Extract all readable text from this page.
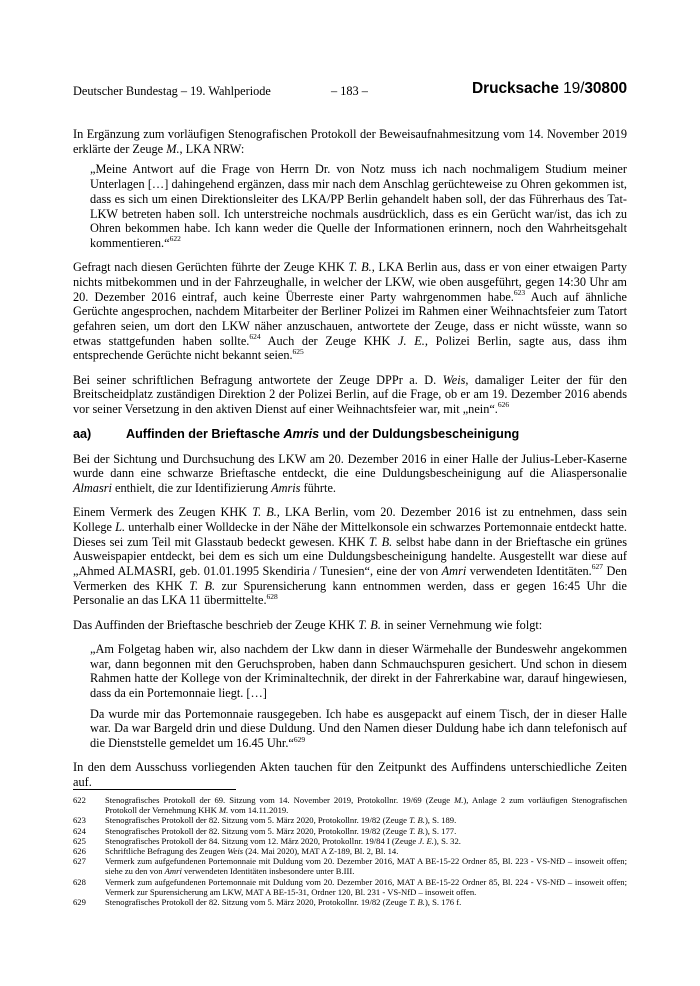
Deutscher Bundestag – 19. Wahlperiode	– 183 –	Drucksache 19/30800

In Ergänzung zum vorläufigen Stenografischen Protokoll der Beweisaufnahmesitzung vom 14. November 2019 erklärte der Zeuge M., LKA NRW:

„Meine Antwort auf die Frage von Herrn Dr. von Notz muss ich nach nochmaligem Studium meiner Unterlagen […] dahingehend ergänzen, dass mir nach dem Anschlag gerüchteweise zu Ohren gekommen ist, dass es sich um einen Direktionsleiter des LKA/PP Berlin gehandelt haben soll, der das Führerhaus des Tat-LKW betreten haben soll. Ich unterstreiche nochmals ausdrücklich, dass es ein Gerücht war/ist, das ich zu Ohren bekommen habe. Ich kann weder die Quelle der Informationen erinnern, noch den Wahrheitsgehalt kommentieren.“$^{622}$

Gefragt nach diesen Gerüchten führte der Zeuge KHK T. B., LKA Berlin aus, dass er von einer etwaigen Party nichts mitbekommen und in der Fahrzeughalle, in welcher der LKW, wie oben ausgeführt, gegen 14:30 Uhr am 20. Dezember 2016 eintraf, auch keine Überreste einer Party wahrgenommen habe.$^{623}$ Auch auf ähnliche Gerüchte angesprochen, nachdem Mitarbeiter der Berliner Polizei im Rahmen einer Weihnachtsfeier zum Tatort gefahren seien, um dort den LKW näher anzuschauen, antwortete der Zeuge, dass er nicht wüsste, wann so etwas stattgefunden haben sollte.$^{624}$ Auch der Zeuge KHK J. E., Polizei Berlin, sagte aus, dass ihm entsprechende Gerüchte nicht bekannt seien.$^{625}$

Bei seiner schriftlichen Befragung antwortete der Zeuge DPPr a. D. Weis, damaliger Leiter der für den Breitscheidplatz zuständigen Direktion 2 der Polizei Berlin, auf die Frage, ob er am 19. Dezember 2016 abends vor seiner Versetzung in den aktiven Dienst auf einer Weihnachtsfeier war, mit „nein“.$^{626}$

aa)	Auffinden der Brieftasche Amris und der Duldungsbescheinigung

Bei der Sichtung und Durchsuchung des LKW am 20. Dezember 2016 in einer Halle der Julius-Leber-Kaserne wurde dann eine schwarze Brieftasche entdeckt, die eine Duldungsbescheinigung auf die Aliaspersonalie Almasri enthielt, die zur Identifizierung Amris führte.

Einem Vermerk des Zeugen KHK T. B., LKA Berlin, vom 20. Dezember 2016 ist zu entnehmen, dass sein Kollege L. unterhalb einer Wolldecke in der Nähe der Mittelkonsole ein schwarzes Portemonnaie entdeckt hatte. Dieses sei zum Teil mit Glasstaub bedeckt gewesen. KHK T. B. selbst habe dann in der Brieftasche ein grünes Ausweispapier entdeckt, bei dem es sich um eine Duldungsbescheinigung handelte. Ausgestellt war diese auf „Ahmed ALMASRI, geb. 01.01.1995 Skendiria / Tunesien“, eine der von Amri verwendeten Identitäten.$^{627}$ Den Vermerken des KHK T. B. zur Spurensicherung kann entnommen werden, dass er gegen 16:45 Uhr die Personalie an das LKA 11 übermittelte.$^{628}$

Das Auffinden der Brieftasche beschrieb der Zeuge KHK T. B. in seiner Vernehmung wie folgt:

„Am Folgetag haben wir, also nachdem der Lkw dann in dieser Wärmehalle der Bundeswehr angekommen war, dann begonnen mit den Geruchsproben, haben dann Schmauchspuren gesichert. Und schon in diesem Rahmen hatte der Kollege von der Kriminaltechnik, der direkt in der Fahrerkabine war, darauf hingewiesen, dass da ein Portemonnaie liegt. […]

Da wurde mir das Portemonnaie rausgegeben. Ich habe es ausgepackt auf einem Tisch, der in dieser Halle war. Da war Bargeld drin und diese Duldung. Und den Namen dieser Duldung habe ich dann telefonisch auf die Dienststelle gemeldet um 16.45 Uhr.“$^{629}$

In den dem Ausschuss vorliegenden Akten tauchen für den Zeitpunkt des Auffindens unterschiedliche Zeiten auf.

622 Stenografisches Protokoll der 69. Sitzung vom 14. November 2019, Protokollnr. 19/69 (Zeuge M.), Anlage 2 zum vorläufigen Stenografischen Protokoll der Vernehmung KHK M. vom 14.11.2019.
623 Stenografisches Protokoll der 82. Sitzung vom 5. März 2020, Protokollnr. 19/82 (Zeuge T. B.), S. 189.
624 Stenografisches Protokoll der 82. Sitzung vom 5. März 2020, Protokollnr. 19/82 (Zeuge T. B.), S. 177.
625 Stenografisches Protokoll der 84. Sitzung vom 12. März 2020, Protokollnr. 19/84 I (Zeuge J. E.), S. 32.
626 Schriftliche Befragung des Zeugen Weis (24. Mai 2020), MAT A Z-189, Bl. 2, Bl. 14.
627 Vermerk zum aufgefundenen Portemonnaie mit Duldung vom 20. Dezember 2016, MAT A BE-15-22 Ordner 85, Bl. 223 - VS-NfD – insoweit offen; siehe zu den von Amri verwendeten Identitäten insbesondere unter B.III.
628 Vermerk zum aufgefundenen Portemonnaie mit Duldung vom 20. Dezember 2016, MAT A BE-15-22 Ordner 85, Bl. 224 - VS-NfD – insoweit offen; Vermerk zur Spurensicherung am LKW, MAT A BE-15-31, Ordner 120, Bl. 231 - VS-NfD – insoweit offen.
629 Stenografisches Protokoll der 82. Sitzung vom 5. März 2020, Protokollnr. 19/82 (Zeuge T. B.), S. 176 f.
